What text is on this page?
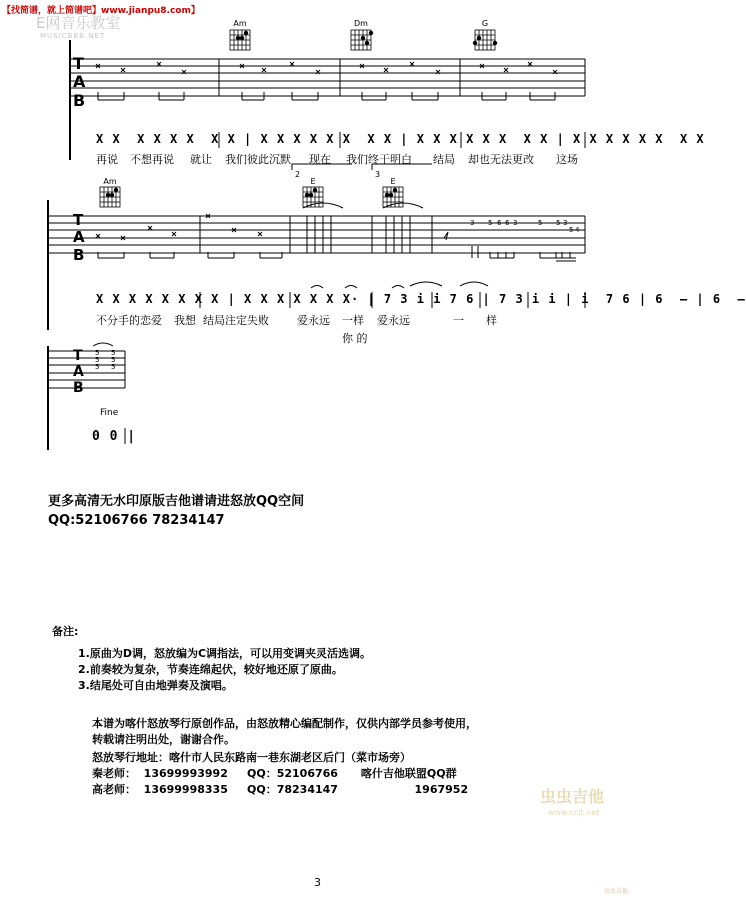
【找简谱，就上简谱吧】www.jianpu8.com】
E网音乐教室
MUSICBBB.NET
3 5 6 6 3	5 5 3
5 4
5
5
5
5
5
5
T
A
B
T
A
B
T
A
B
Am	Dm	G
Am	E	E
2	3
X X  X X X X  X X | X X X X X X  X X | X X X X X X  X X | X X X X X X  X X
再说 不想再说 就让 我们彼此沉默 现在 我们终于明白 结局 却也无法更改 这场
X X X X X X X X | X X X X X X X· | 7 3 i i 7 6 | 7 3 i i | i  7 6 | 6  – | 6  –
不分手的恋爱 我想 结局注定失败	爱永远 一样 爱永远	一 样
你 的
Fine
0 0 |
更多高清无水印原版吉他谱请进怒放QQ空间
QQ:52106766 78234147

备注:

1.原曲为D调，怒放编为C调指法，可以用变调夹灵活选调。

2.前奏较为复杂，节奏连绵起伏，较好地还原了原曲。

3.结尾处可自由地弹奏及演唱。

本谱为喀什怒放琴行原创作品，由怒放精心编配制作，仅供内部学员参考使用，

转载请注明出处，谢谢合作。

怒放琴行地址：喀什市人民东路南一巷东湖老区后门（菜市场旁）

秦老师：  13699993992     QQ：52106766      喀什吉他联盟QQ群

高老师：  13699998335     QQ：78234147                    1967952	虫虫吉他
www.ccjt.net
3
虫虫吉他
